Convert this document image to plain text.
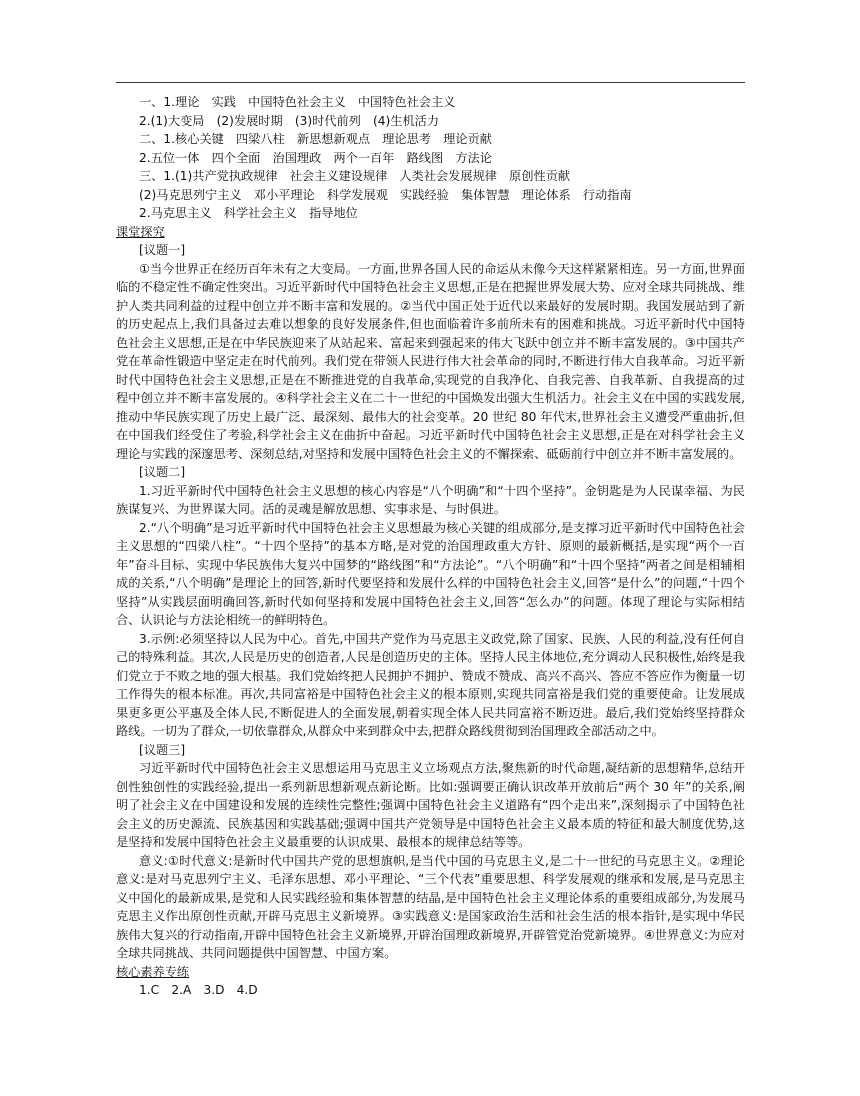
一、1.理论　实践　中国特色社会主义　中国特色社会主义

2.(1)大变局　(2)发展时期　(3)时代前列　(4)生机活力

二、1.核心关键　四梁八柱　新思想新观点　理论思考　理论贡献

2.五位一体　四个全面　治国理政　两个一百年　路线图　方法论

三、1.(1)共产党执政规律　社会主义建设规律　人类社会发展规律　原创性贡献

(2)马克思列宁主义　邓小平理论　科学发展观　实践经验　集体智慧　理论体系　行动指南

2.马克思主义　科学社会主义　指导地位

课堂探究

[议题一]

①当今世界正在经历百年未有之大变局。一方面,世界各国人民的命运从未像今天这样紧紧相连。另一方面,世界面临的不稳定性不确定性突出。习近平新时代中国特色社会主义思想,正是在把握世界发展大势、应对全球共同挑战、维护人类共同利益的过程中创立并不断丰富和发展的。②当代中国正处于近代以来最好的发展时期。我国发展站到了新的历史起点上,我们具备过去难以想象的良好发展条件,但也面临着许多前所未有的困难和挑战。习近平新时代中国特色社会主义思想,正是在中华民族迎来了从站起来、富起来到强起来的伟大飞跃中创立并不断丰富发展的。③中国共产党在革命性锻造中坚定走在时代前列。我们党在带领人民进行伟大社会革命的同时,不断进行伟大自我革命。习近平新时代中国特色社会主义思想,正是在不断推进党的自我革命,实现党的自我净化、自我完善、自我革新、自我提高的过程中创立并不断丰富发展的。④科学社会主义在二十一世纪的中国焕发出强大生机活力。社会主义在中国的实践发展,推动中华民族实现了历史上最广泛、最深刻、最伟大的社会变革。20 世纪 80 年代末,世界社会主义遭受严重曲折,但在中国我们经受住了考验,科学社会主义在曲折中奋起。习近平新时代中国特色社会主义思想,正是在对科学社会主义理论与实践的深邃思考、深刻总结,对坚持和发展中国特色社会主义的不懈探索、砥砺前行中创立并不断丰富发展的。

[议题二]

1.习近平新时代中国特色社会主义思想的核心内容是“八个明确”和“十四个坚持”。金钥匙是为人民谋幸福、为民族谋复兴、为世界谋大同。活的灵魂是解放思想、实事求是、与时俱进。

2.“八个明确”是习近平新时代中国特色社会主义思想最为核心关键的组成部分,是支撑习近平新时代中国特色社会主义思想的“四梁八柱”。“十四个坚持”的基本方略,是对党的治国理政重大方针、原则的最新概括,是实现“两个一百年”奋斗目标、实现中华民族伟大复兴中国梦的“路线图”和“方法论”。“八个明确”和“十四个坚持”两者之间是相辅相成的关系,“八个明确”是理论上的回答,新时代要坚持和发展什么样的中国特色社会主义,回答“是什么”的问题,“十四个坚持”从实践层面明确回答,新时代如何坚持和发展中国特色社会主义,回答“怎么办”的问题。体现了理论与实际相结合、认识论与方法论相统一的鲜明特色。

3.示例:必须坚持以人民为中心。首先,中国共产党作为马克思主义政党,除了国家、民族、人民的利益,没有任何自己的特殊利益。其次,人民是历史的创造者,人民是创造历史的主体。坚持人民主体地位,充分调动人民积极性,始终是我们党立于不败之地的强大根基。我们党始终把人民拥护不拥护、赞成不赞成、高兴不高兴、答应不答应作为衡量一切工作得失的根本标准。再次,共同富裕是中国特色社会主义的根本原则,实现共同富裕是我们党的重要使命。让发展成果更多更公平惠及全体人民,不断促进人的全面发展,朝着实现全体人民共同富裕不断迈进。最后,我们党始终坚持群众路线。一切为了群众,一切依靠群众,从群众中来到群众中去,把群众路线贯彻到治国理政全部活动之中。

[议题三]

习近平新时代中国特色社会主义思想运用马克思主义立场观点方法,聚焦新的时代命题,凝结新的思想精华,总结开创性独创性的实践经验,提出一系列新思想新观点新论断。比如:强调要正确认识改革开放前后“两个 30 年”的关系,阐明了社会主义在中国建设和发展的连续性完整性;强调中国特色社会主义道路有“四个走出来”,深刻揭示了中国特色社会主义的历史源流、民族基因和实践基础;强调中国共产党领导是中国特色社会主义最本质的特征和最大制度优势,这是坚持和发展中国特色社会主义最重要的认识成果、最根本的规律总结等等。

意义:①时代意义:是新时代中国共产党的思想旗帜,是当代中国的马克思主义,是二十一世纪的马克思主义。②理论意义:是对马克思列宁主义、毛泽东思想、邓小平理论、“三个代表”重要思想、科学发展观的继承和发展,是马克思主义中国化的最新成果,是党和人民实践经验和集体智慧的结晶,是中国特色社会主义理论体系的重要组成部分,为发展马克思主义作出原创性贡献,开辟马克思主义新境界。③实践意义:是国家政治生活和社会生活的根本指针,是实现中华民族伟大复兴的行动指南,开辟中国特色社会主义新境界,开辟治国理政新境界,开辟管党治党新境界。④世界意义:为应对全球共同挑战、共同问题提供中国智慧、中国方案。

核心素养专练

1.C　2.A　3.D　4.D
